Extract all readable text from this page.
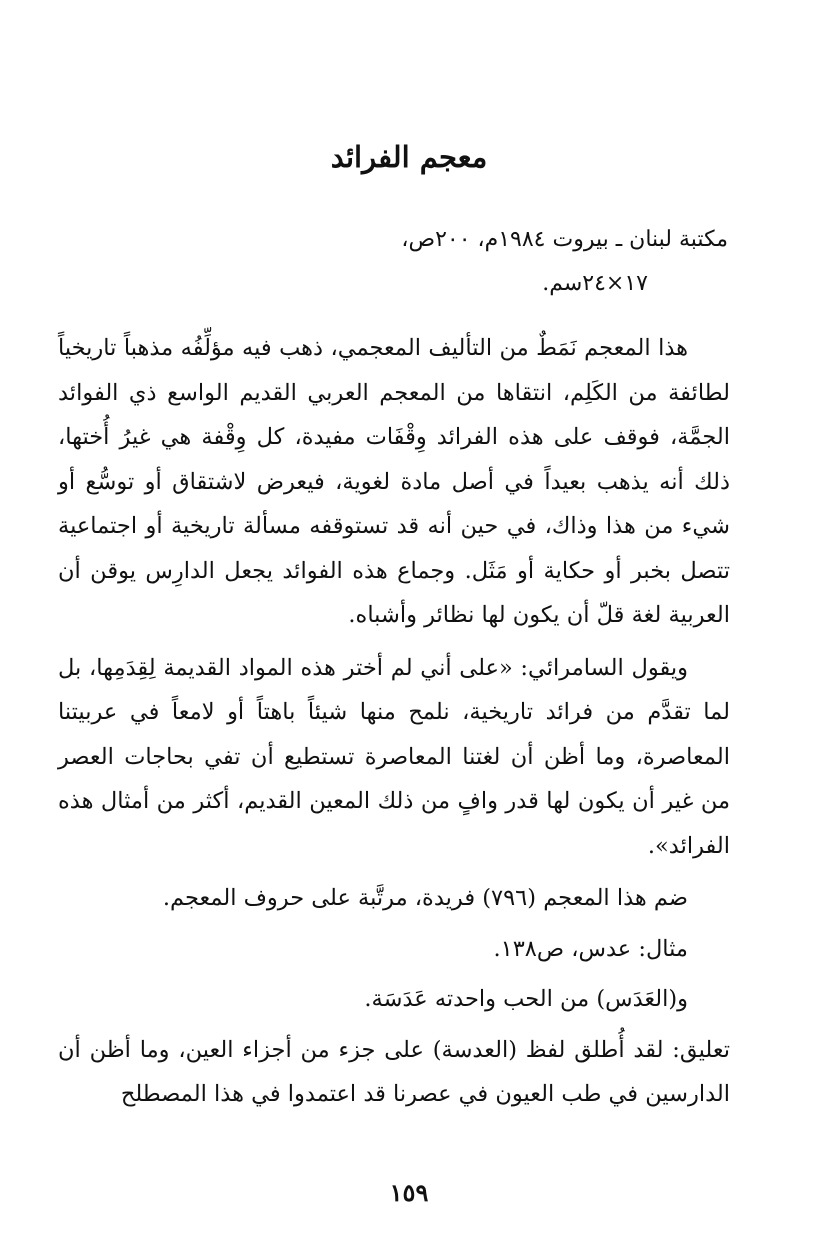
معجم الفرائد

مكتبة لبنان ـ بيروت ١٩٨٤م، ٢٠٠ص،
١٧×٢٤سم.

هذا المعجم نَمَطٌ من التأليف المعجمي، ذهب فيه مؤلِّفُه مذهباً تاريخياً لطائفة من الكَلِم، انتقاها من المعجم العربي القديم الواسع ذي الفوائد الجمَّة، فوقف على هذه الفرائد وِقْفَات مفيدة، كل وِقْفة هي غيرُ أُختها، ذلك أنه يذهب بعيداً في أصل مادة لغوية، فيعرض لاشتقاق أو توسُّع أو شيء من هذا وذاك، في حين أنه قد تستوقفه مسألة تاريخية أو اجتماعية تتصل بخبر أو حكاية أو مَثَل. وجماع هذه الفوائد يجعل الدارِس يوقن أن العربية لغة قلّ أن يكون لها نظائر وأشباه.

ويقول السامرائي: «على أني لم أختر هذه المواد القديمة لِقِدَمِها، بل لما تقدَّم من فرائد تاريخية، نلمح منها شيئاً باهتاً أو لامعاً في عربيتنا المعاصرة، وما أظن أن لغتنا المعاصرة تستطيع أن تفي بحاجات العصر من غير أن يكون لها قدر وافٍ من ذلك المعين القديم، أكثر من أمثال هذه الفرائد».

ضم هذا المعجم (٧٩٦) فريدة، مرتَّبة على حروف المعجم.

مثال: عدس، ص١٣٨.

و(العَدَس) من الحب واحدته عَدَسَة.

تعليق: لقد أُطلق لفظ (العدسة) على جزء من أجزاء العين، وما أظن أن الدارسين في طب العيون في عصرنا قد اعتمدوا في هذا المصطلح

١٥٩
